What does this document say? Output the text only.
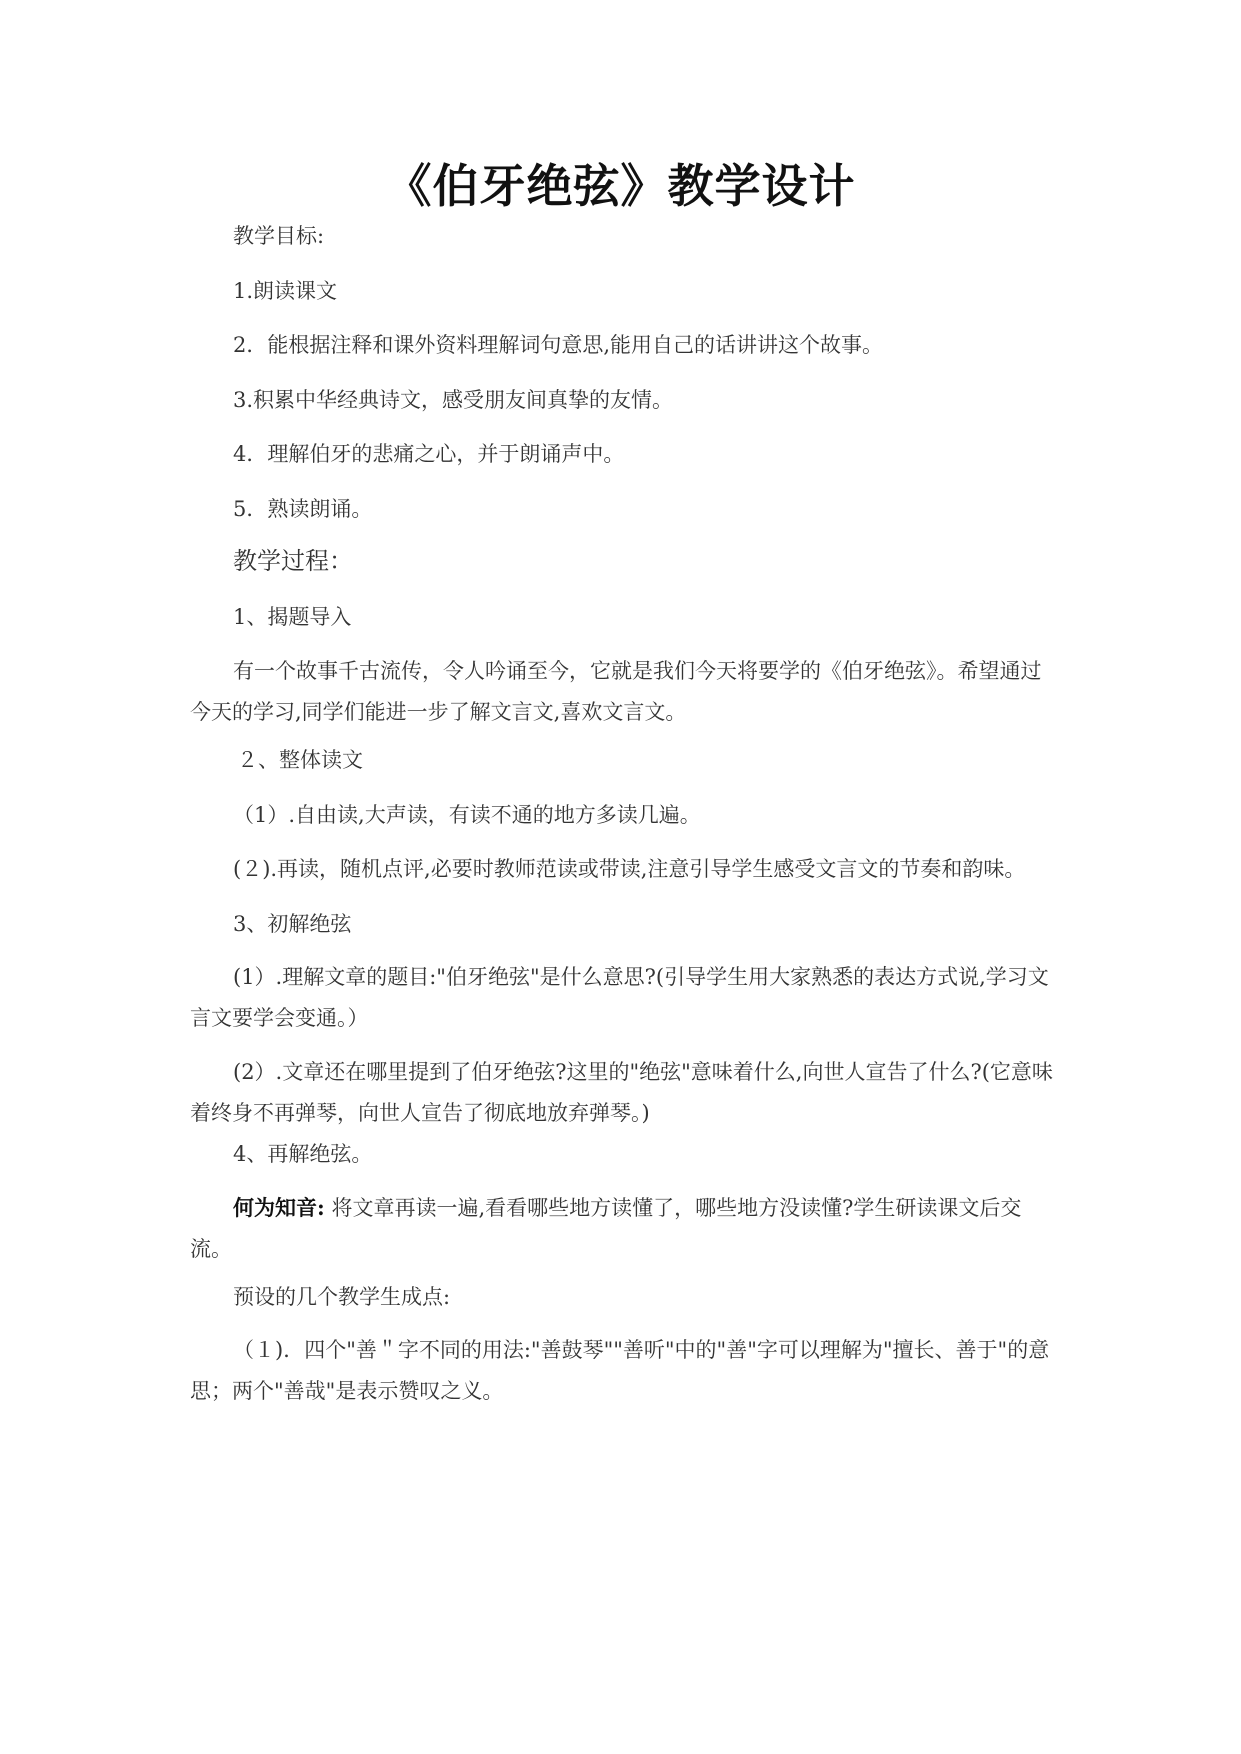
《伯牙绝弦》教学设计
教学目标:
1.朗读课文
2．能根据注释和课外资料理解词句意思,能用自己的话讲讲这个故事。
3.积累中华经典诗文，感受朋友间真挚的友情。
4．理解伯牙的悲痛之心，并于朗诵声中。
5．熟读朗诵。
教学过程：
1、揭题导入
有一个故事千古流传，令人吟诵至今，它就是我们今天将要学的《伯牙绝弦》。希望通过今天的学习,同学们能进一步了解文言文,喜欢文言文。
２、整体读文
（1）.自由读,大声读，有读不通的地方多读几遍。
(２).再读，随机点评,必要时教师范读或带读,注意引导学生感受文言文的节奏和韵味。
3、初解绝弦
(1）.理解文章的题目:"伯牙绝弦"是什么意思?(引导学生用大家熟悉的表达方式说,学习文言文要学会变通。）
(2）.文章还在哪里提到了伯牙绝弦?这里的"绝弦"意味着什么,向世人宣告了什么?(它意味着终身不再弹琴，向世人宣告了彻底地放弃弹琴。)
4、再解绝弦。
何为知音: 将文章再读一遍,看看哪些地方读懂了，哪些地方没读懂?学生研读课文后交流。
预设的几个教学生成点:
（１)．四个"善＂字不同的用法:"善鼓琴""善听"中的"善"字可以理解为"擅长、善于"的意思；两个"善哉"是表示赞叹之义。
